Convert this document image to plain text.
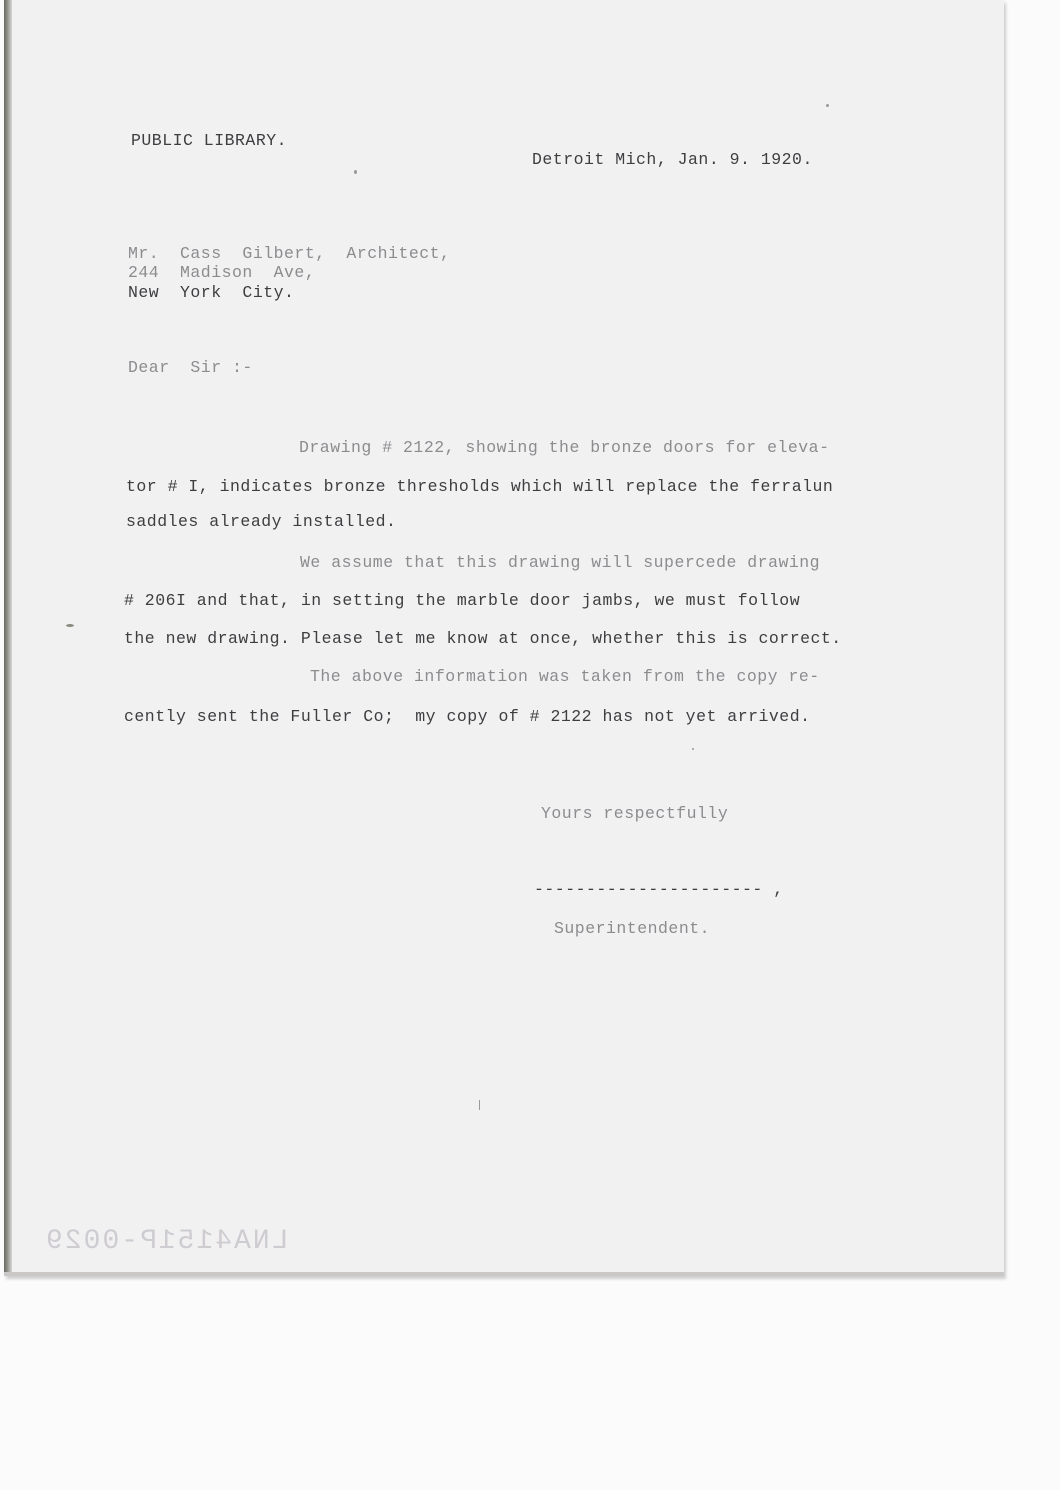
PUBLIC LIBRARY.
Detroit Mich, Jan. 9. 1920.
Mr.  Cass  Gilbert,  Architect,
244  Madison  Ave,
New  York  City.
Dear  Sir :-
Drawing # 2122, showing the bronze doors for eleva-
tor # I, indicates bronze thresholds which will replace the ferralun
saddles already installed.
We assume that this drawing will supercede drawing
# 206I and that, in setting the marble door jambs, we must follow
the new drawing. Please let me know at once, whether this is correct.
The above information was taken from the copy re-
cently sent the Fuller Co;  my copy of # 2122 has not yet arrived.
Yours respectfully
---------------------- ,
Superintendent.
LNA4151P-0029
